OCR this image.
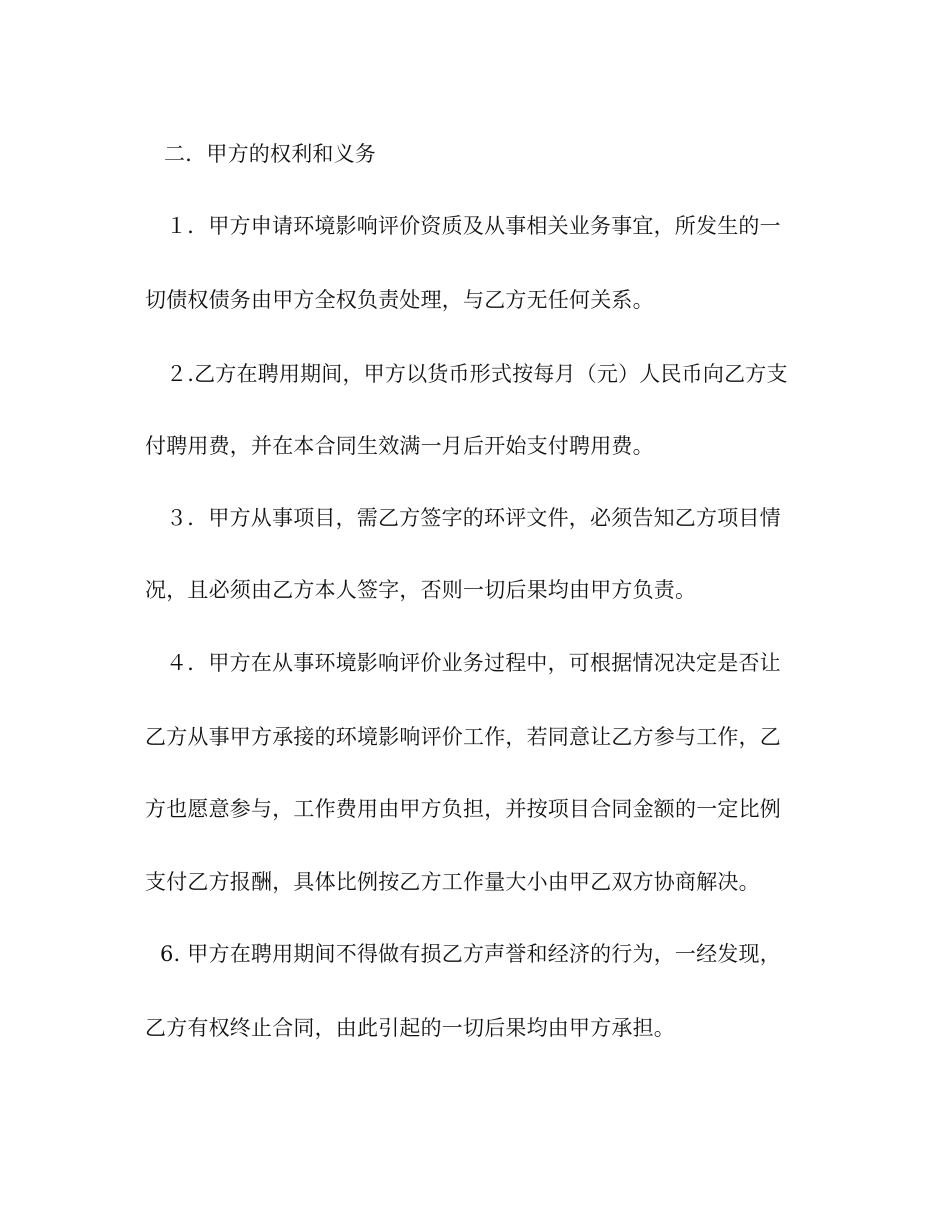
二．甲方的权利和义务
１．甲方申请环境影响评价资质及从事相关业务事宜，所发生的一
切债权债务由甲方全权负责处理，与乙方无任何关系。
２.乙方在聘用期间，甲方以货币形式按每月（元）人民币向乙方支
付聘用费，并在本合同生效满一月后开始支付聘用费。
３．甲方从事项目，需乙方签字的环评文件，必须告知乙方项目情
况，且必须由乙方本人签字，否则一切后果均由甲方负责。
４．甲方在从事环境影响评价业务过程中，可根据情况决定是否让
乙方从事甲方承接的环境影响评价工作，若同意让乙方参与工作，乙
方也愿意参与，工作费用由甲方负担，并按项目合同金额的一定比例
支付乙方报酬，具体比例按乙方工作量大小由甲乙双方协商解决。
6. 甲方在聘用期间不得做有损乙方声誉和经济的行为，一经发现，
乙方有权终止合同，由此引起的一切后果均由甲方承担。
